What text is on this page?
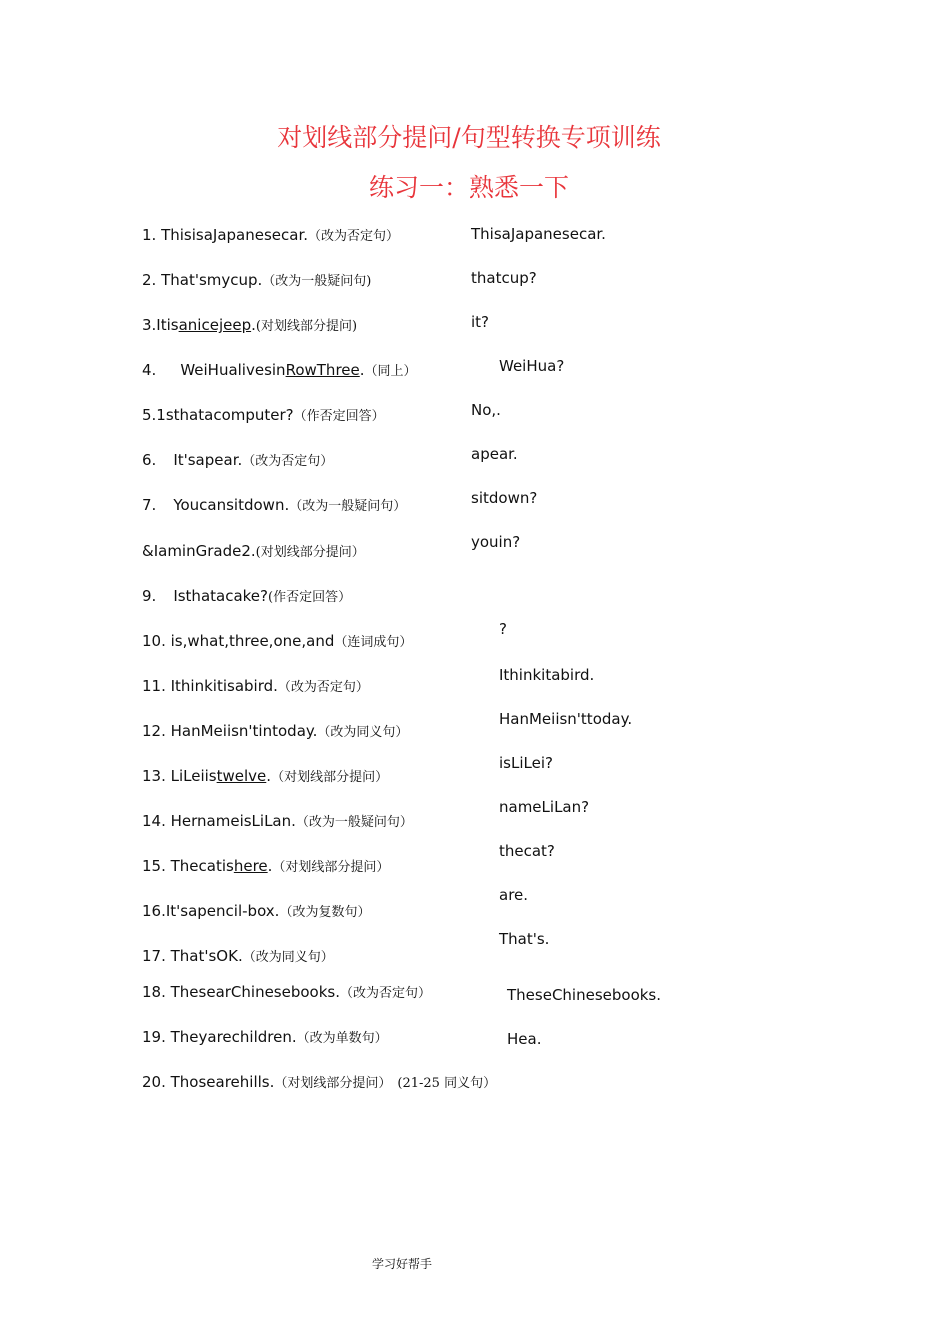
对划线部分提问/句型转换专项训练
练习一：熟悉一下
1. ThisisaJapanesecar.（改为否定句）
2. That'smycup.（改为一般疑问句)
3.Itisanicejeep.(对划线部分提问)
4. WeiHualivesinRowThree.（同上）
5.1sthatacomputer?（作否定回答）
6. It'sapear.（改为否定句）
7. Youcansitdown.（改为一般疑问句）
&IaminGrade2.(对划线部分提问）
9. Isthatacake?(作否定回答）
10. is,what,three,one,and（连词成句）
11. Ithinkitisabird.（改为否定句）
12. HanMeiisn'tintoday.（改为同义句）
13. LiLeiistwelve.（对划线部分提问）
14. HernameisLiLan.（改为一般疑问句）
15. Thecatishere.（对划线部分提问）
16.It'sapencil-box.（改为复数句）
17. That'sOK.（改为同义句）
18. ThesearChinesebooks.（改为否定句）
19. Theyarechildren.（改为单数句）
20. Thosearehills.（对划线部分提问） (21-25 同义句）
ThisaJapanesecar.
thatcup?
it?
WeiHua?
No,.
apear.
sitdown?
youin?
?
Ithinkitabird.
HanMeiisn'ttoday.
isLiLei?
nameLiLan?
thecat?
are.
That's.
TheseChinesebooks.
Hea.
学习好帮手
